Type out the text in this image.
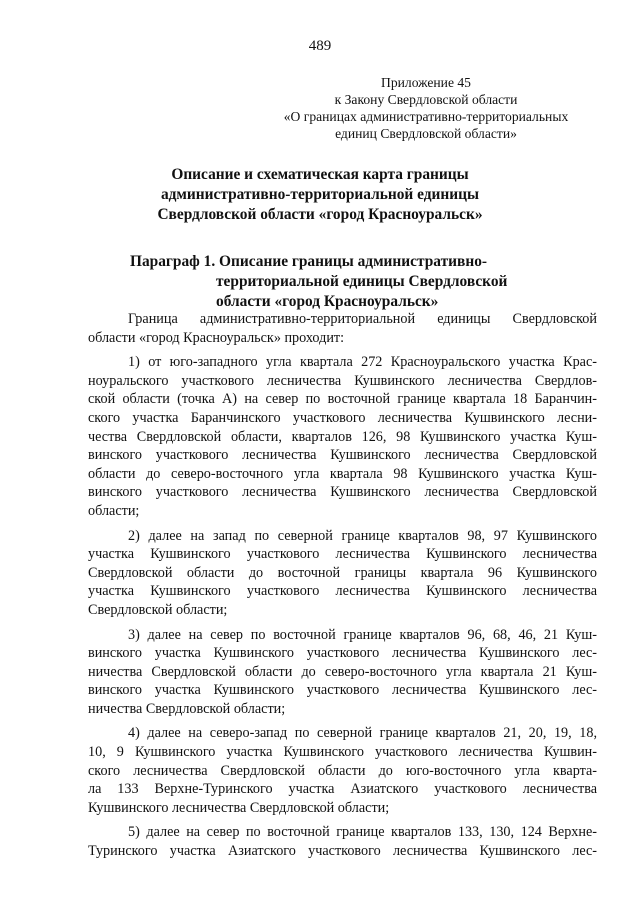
489
Приложение 45
к Закону Свердловской области
«О границах административно-территориальных
единиц Свердловской области»
Описание и схематическая карта границы
административно-территориальной единицы
Свердловской области «город Красноуральск»
Параграф 1. Описание границы административно-
территориальной единицы Свердловской
области «город Красноуральск»
Граница административно-территориальной единицы Свердловской
области «город Красноуральск» проходит:
1) от юго-западного угла квартала 272 Красноуральского участка Крас-
ноуральского участкового лесничества Кушвинского лесничества Свердлов-
ской области (точка А) на север по восточной границе квартала 18 Баранчин-
ского участка Баранчинского участкового лесничества Кушвинского лесни-
чества Свердловской области, кварталов 126, 98 Кушвинского участка Куш-
винского участкового лесничества Кушвинского лесничества Свердловской
области до северо-восточного угла квартала 98 Кушвинского участка Куш-
винского участкового лесничества Кушвинского лесничества Свердловской
области;
2) далее на запад по северной границе кварталов 98, 97 Кушвинского
участка Кушвинского участкового лесничества Кушвинского лесничества
Свердловской области до восточной границы квартала 96 Кушвинского
участка Кушвинского участкового лесничества Кушвинского лесничества
Свердловской области;
3) далее на север по восточной границе кварталов 96, 68, 46, 21 Куш-
винского участка Кушвинского участкового лесничества Кушвинского лес-
ничества Свердловской области до северо-восточного угла квартала 21 Куш-
винского участка Кушвинского участкового лесничества Кушвинского лес-
ничества Свердловской области;
4) далее на северо-запад по северной границе кварталов 21, 20, 19, 18,
10, 9 Кушвинского участка Кушвинского участкового лесничества Кушвин-
ского лесничества Свердловской области до юго-восточного угла кварта-
ла 133 Верхне-Туринского участка Азиатского участкового лесничества
Кушвинского лесничества Свердловской области;
5) далее на север по восточной границе кварталов 133, 130, 124 Верхне-
Туринского участка Азиатского участкового лесничества Кушвинского лес-
